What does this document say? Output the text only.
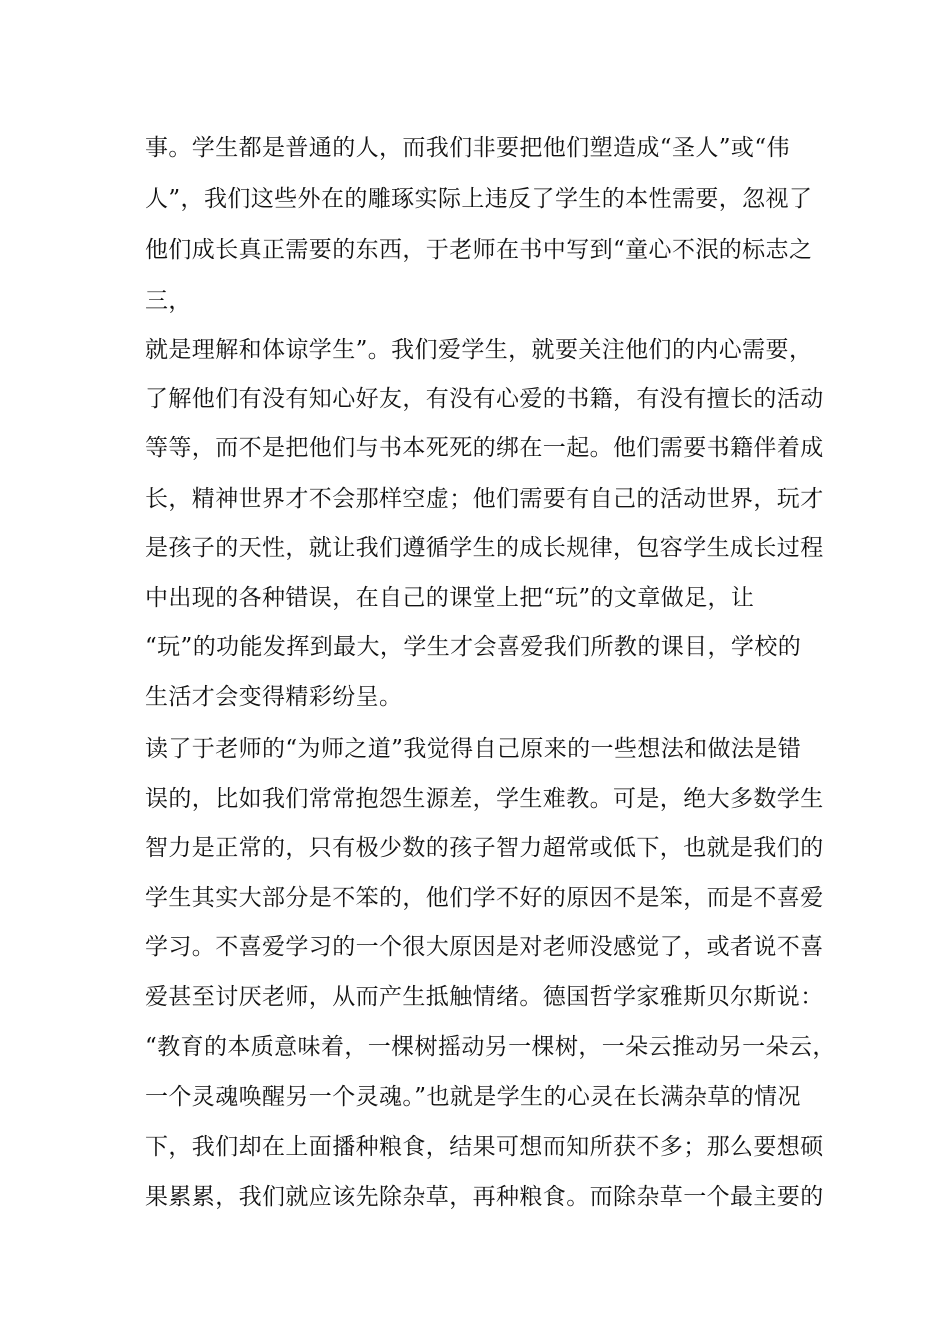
事。学生都是普通的人，而我们非要把他们塑造成“圣人”或“伟

人”，我们这些外在的雕琢实际上违反了学生的本性需要，忽视了

他们成长真正需要的东西，于老师在书中写到“童心不泯的标志之

三，

就是理解和体谅学生”。我们爱学生，就要关注他们的内心需要，

了解他们有没有知心好友，有没有心爱的书籍，有没有擅长的活动

等等，而不是把他们与书本死死的绑在一起。他们需要书籍伴着成

长，精神世界才不会那样空虚；他们需要有自己的活动世界，玩才

是孩子的天性，就让我们遵循学生的成长规律，包容学生成长过程

中出现的各种错误，在自己的课堂上把“玩”的文章做足，让

“玩”的功能发挥到最大，学生才会喜爱我们所教的课目，学校的

生活才会变得精彩纷呈。

读了于老师的“为师之道”我觉得自己原来的一些想法和做法是错

误的，比如我们常常抱怨生源差，学生难教。可是，绝大多数学生

智力是正常的，只有极少数的孩子智力超常或低下，也就是我们的

学生其实大部分是不笨的，他们学不好的原因不是笨，而是不喜爱

学习。不喜爱学习的一个很大原因是对老师没感觉了，或者说不喜

爱甚至讨厌老师，从而产生抵触情绪。德国哲学家雅斯贝尔斯说：

“教育的本质意味着，一棵树摇动另一棵树，一朵云推动另一朵云，

一个灵魂唤醒另一个灵魂。”也就是学生的心灵在长满杂草的情况

下，我们却在上面播种粮食，结果可想而知所获不多；那么要想硕

果累累，我们就应该先除杂草，再种粮食。而除杂草一个最主要的
